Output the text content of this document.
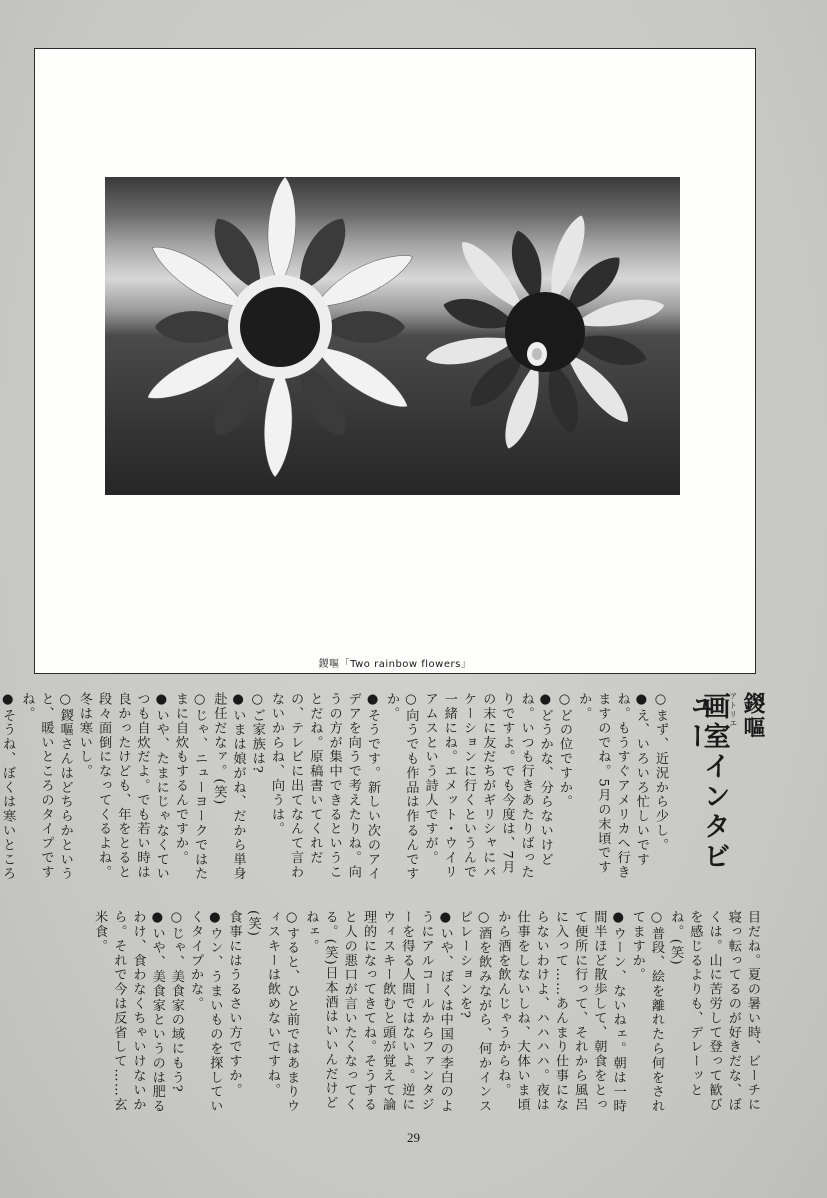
鍐嘔「Two rainbow flowers」
鍐嘔
アトリエ
画室インタビュー

○まず、近況から少し。

●え、いろいろ忙しいですね。もうすぐアメリカへ行きますのでね。5月の末頃ですか。

○どの位ですか。

●どうかな、分らないけどね。いつも行きあたりばったりですよ。でも今度は、7月の末に友だちがギリシャにバケーションに行くというんで一緒にね。エメット・ウイリアムスという詩人ですが。

○向うでも作品は作るんですか。

●そうです。新しい次のアイデアを向うで考えたりね。向うの方が集中できるということだね。原稿書いてくれだの、テレビに出てなんて言わないからね、向うは。

○ご家族は?

●いまは娘がね、だから単身赴任だなァ。(笑)

○じゃ、ニューヨークではたまに自炊もするんですか。

●いや、たまにじゃなくていつも自炊だよ。でも若い時は良かったけども、年をとると段々面倒になってくるよね。冬は寒いし。

○鍐嘔さんはどちらかというと、暖いところのタイプですね。

●そうね、ぼくは寒いところ

目だね。夏の暑い時、ビーチに寝っ転ってるのが好きだな、ぼくは。山に苦労して登って歓びを感じるよりも、デレーッとね。(笑)

○普段、絵を離れたら何をされてますか。

●ウーン、ないねェ。朝は一時間半ほど散歩して、朝食をとって便所に行って、それから風呂に入って……あんまり仕事にならないわけよ、ハハハハ。夜は仕事をしないしね、大体いま頃から酒を飲んじゃうからね。

○酒を飲みながら、何かインスピレーションを?

●いや、ぼくは中国の李白のようにアルコールからファンタジーを得る人間ではないよ。逆にウィスキー飲むと頭が覚えて論理的になってきてね。そうすると人の悪口が言いたくなってくる。(笑)日本酒はいいんだけどねェ。

○すると、ひと前ではあまりウィスキーは飲めないですね。(笑)

食事にはうるさい方ですか。

●ウン、うまいものを探していくタイプかな。

○じゃ、美食家の域にもう?

●いや、美食家というのは肥るわけ、食わなくちゃいけないから。それで今は反省して……玄米食。

29
